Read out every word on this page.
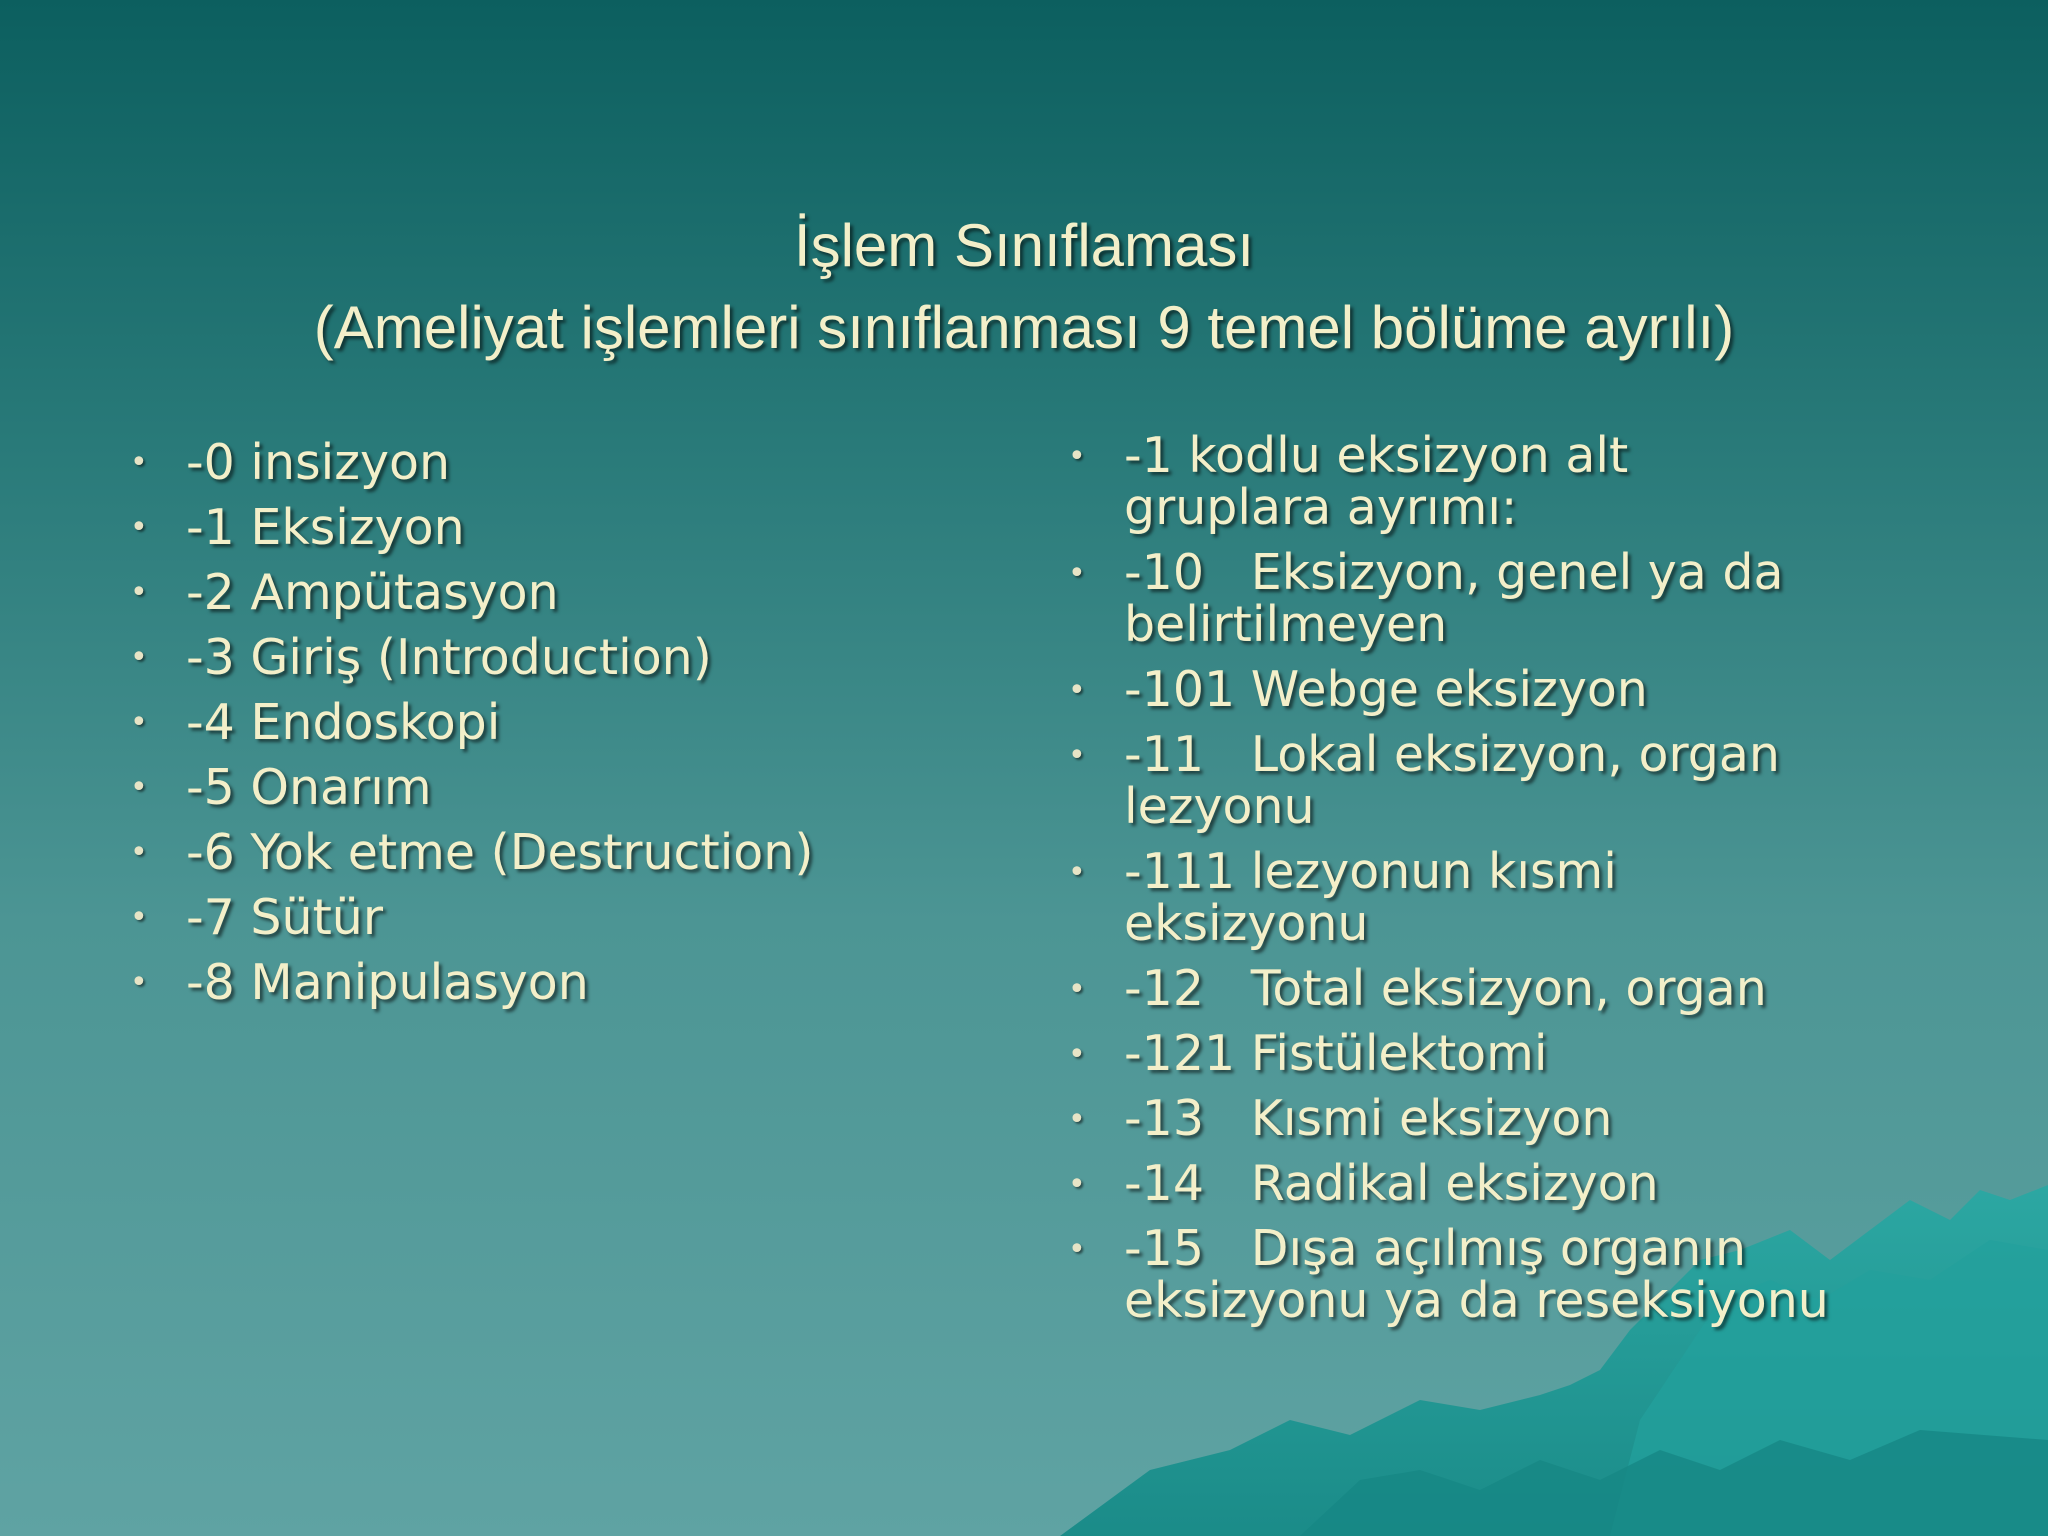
İşlem Sınıflaması
(Ameliyat işlemleri sınıflanması 9 temel bölüme ayrılı)
• -0 insizyon
• -1 Eksizyon
• -2 Ampütasyon
• -3 Giriş (Introduction)
• -4 Endoskopi
• -5 Onarım
• -6 Yok etme (Destruction)
• -7 Sütür
• -8 Manipulasyon
• -1 kodlu eksizyon alt
gruplara ayrımı:
• -10   Eksizyon, genel ya da
belirtilmeyen
• -101 Webge eksizyon
• -11   Lokal eksizyon, organ
lezyonu
• -111 lezyonun kısmi
eksizyonu
• -12   Total eksizyon, organ
• -121 Fistülektomi
• -13   Kısmi eksizyon
• -14   Radikal eksizyon
• -15   Dışa açılmış organın
eksizyonu ya da reseksiyonu
